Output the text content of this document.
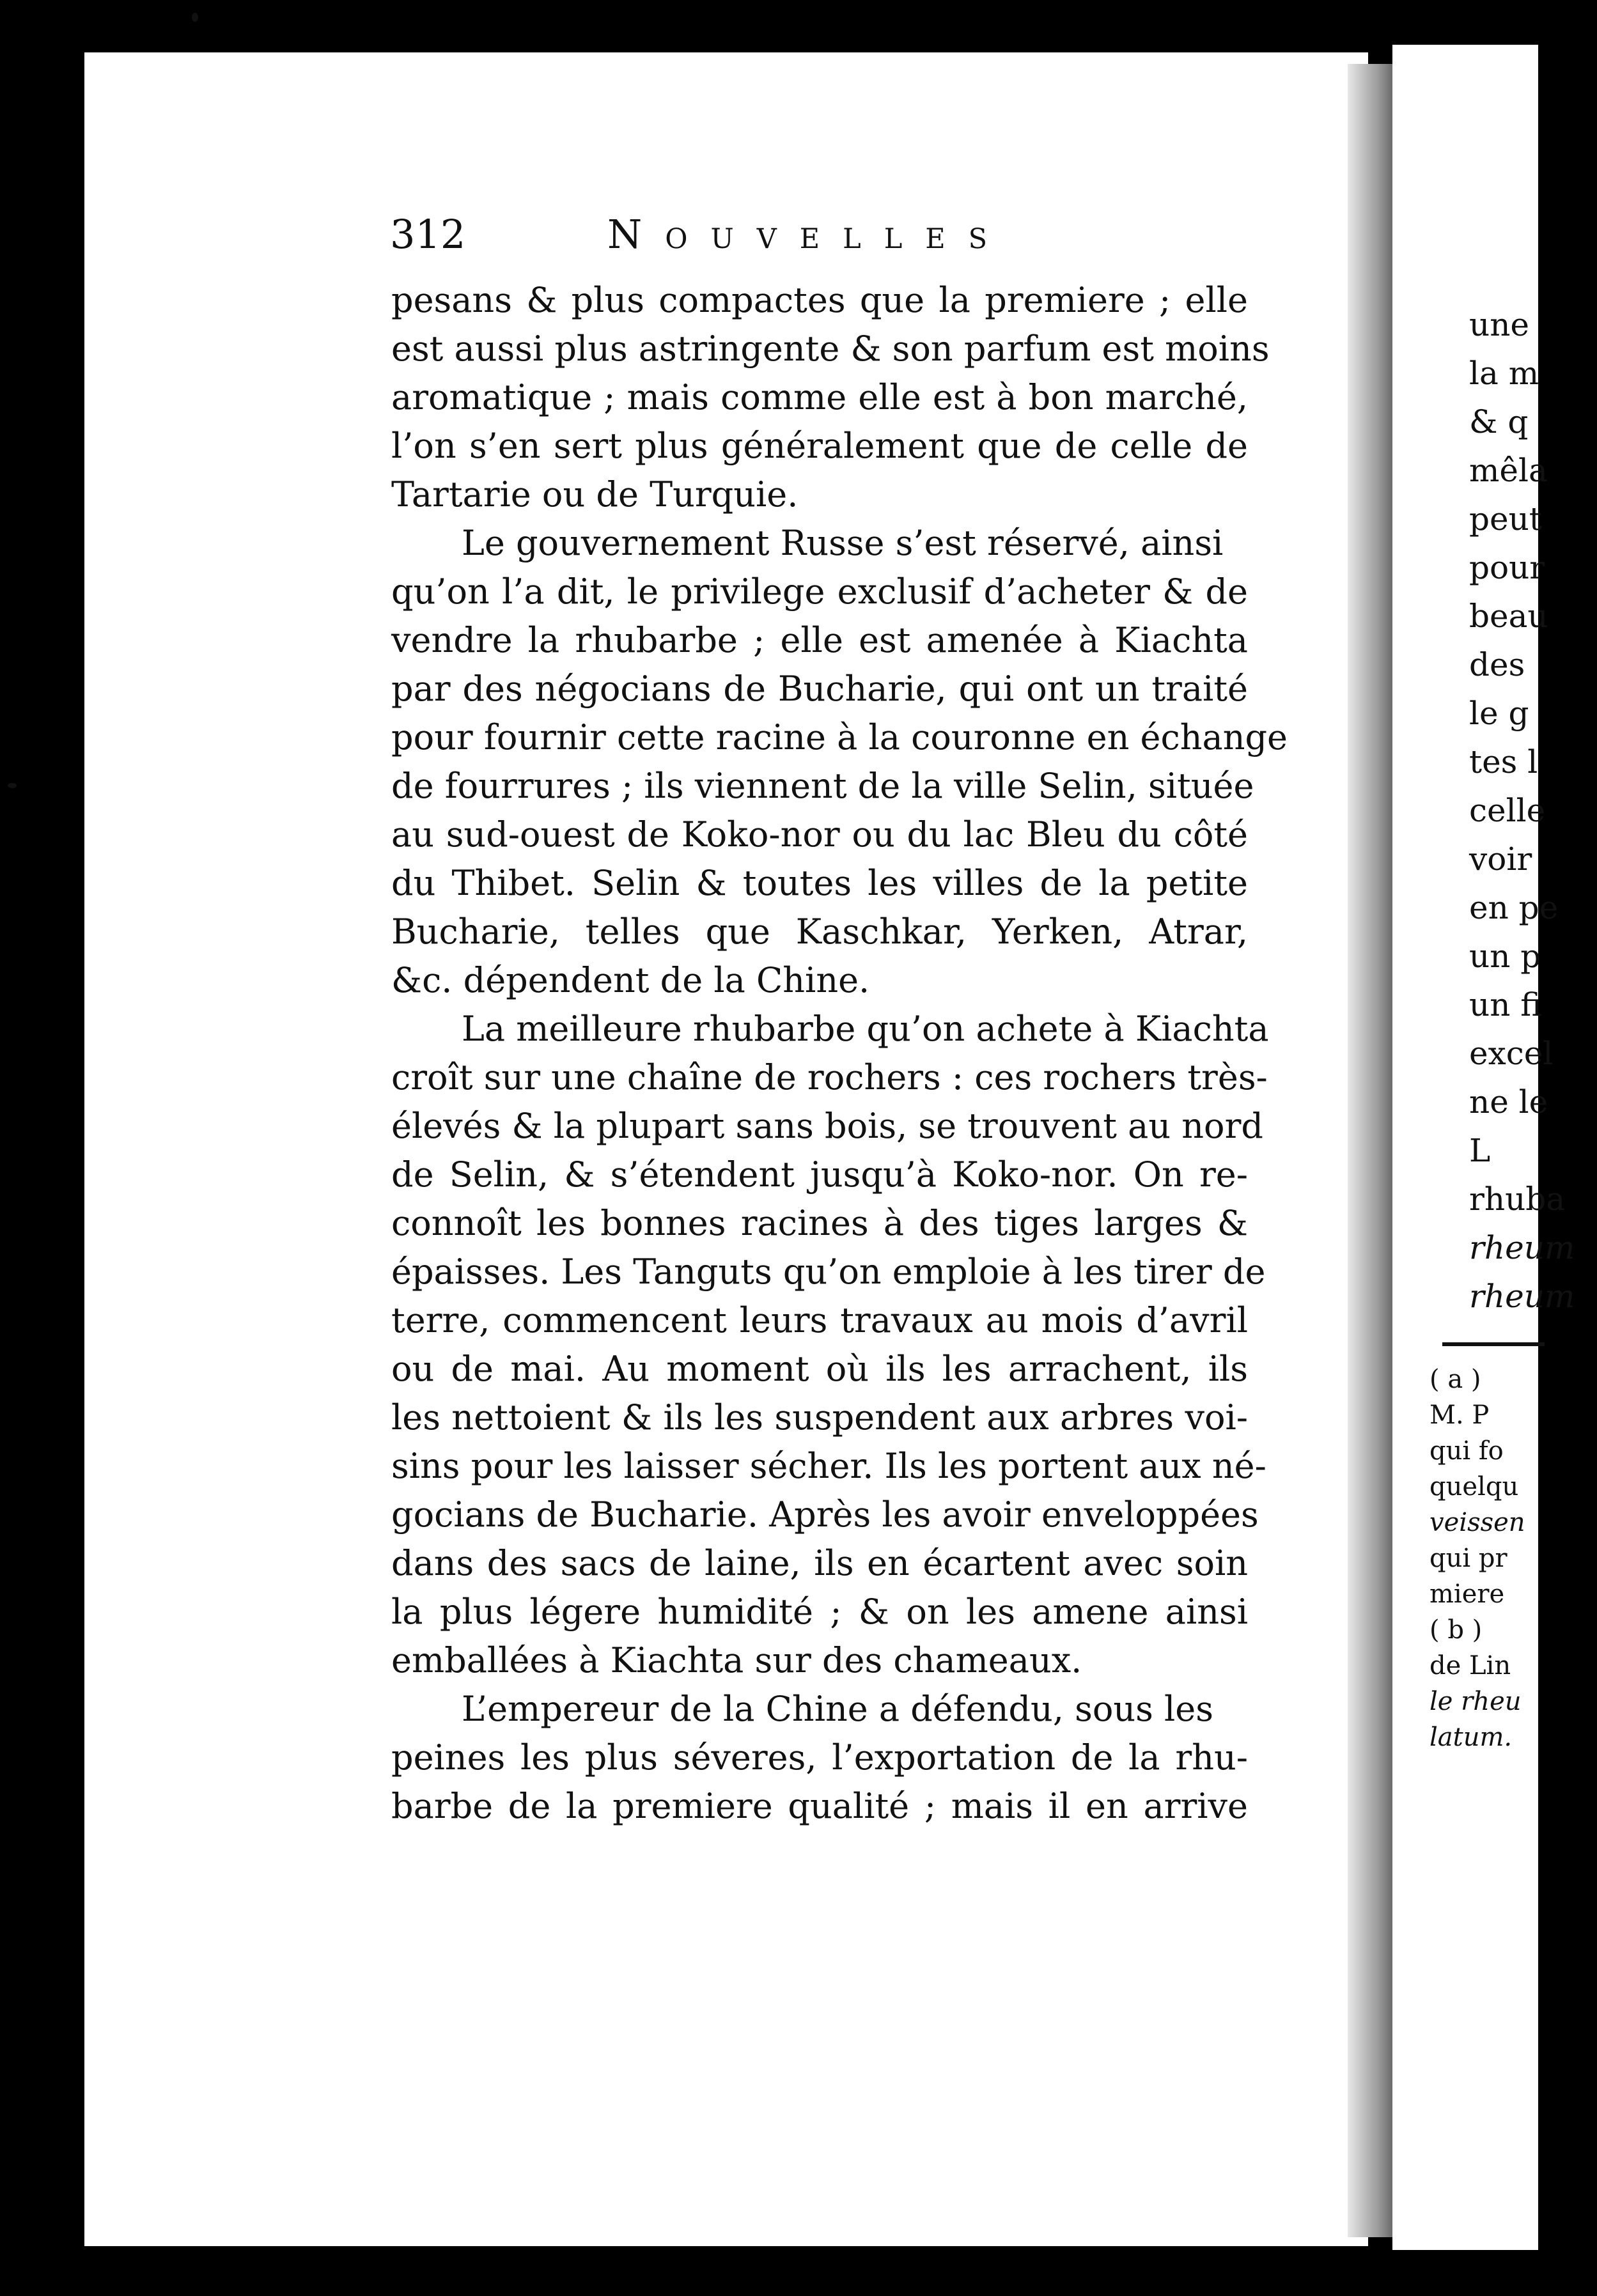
312	Nouvelles
pesans & plus compactes que la premiere ; elle
est aussi plus astringente & son parfum est moins
aromatique ; mais comme elle est à bon marché,
l’on s’en sert plus généralement que de celle de
Tartarie ou de Turquie.
Le gouvernement Russe s’est réservé, ainsi
qu’on l’a dit, le privilege exclusif d’acheter & de
vendre la rhubarbe ; elle est amenée à Kiachta
par des négocians de Bucharie, qui ont un traité
pour fournir cette racine à la couronne en échange
de fourrures ; ils viennent de la ville Selin, située
au sud-ouest de Koko-nor ou du lac Bleu du côté
du Thibet. Selin & toutes les villes de la petite
Bucharie, telles que Kaschkar, Yerken, Atrar,
&c. dépendent de la Chine.
La meilleure rhubarbe qu’on achete à Kiachta
croît sur une chaîne de rochers : ces rochers très-
élevés & la plupart sans bois, se trouvent au nord
de Selin, & s’étendent jusqu’à Koko-nor. On re-
connoît les bonnes racines à des tiges larges &
épaisses. Les Tanguts qu’on emploie à les tirer de
terre, commencent leurs travaux au mois d’avril
ou de mai. Au moment où ils les arrachent, ils
les nettoient & ils les suspendent aux arbres voi-
sins pour les laisser sécher. Ils les portent aux né-
gocians de Bucharie. Après les avoir enveloppées
dans des sacs de laine, ils en écartent avec soin
la plus légere humidité ; & on les amene ainsi
emballées à Kiachta sur des chameaux.
L’empereur de la Chine a défendu, sous les
peines les plus séveres, l’exportation de la rhu-
barbe de la premiere qualité ; mais il en arrive
une
la m
& q
mêla
peut
pour
beau
des
le g
tes l
celle
voir
en pe
un p
un fi
excel
ne le
L
rhuba
rheum
rheum
( a )
M. P
qui fo
quelqu
veissen
qui pr
miere
( b )
de Lin
le rheu
latum.
